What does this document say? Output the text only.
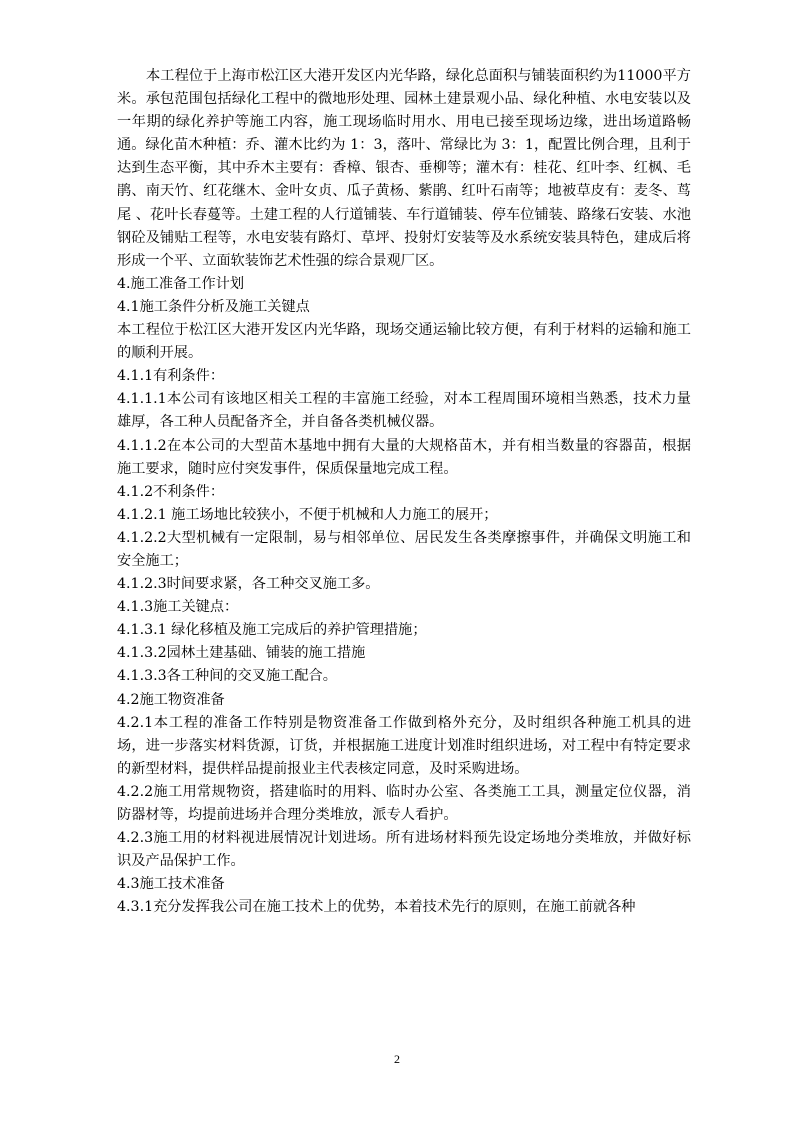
本工程位于上海市松江区大港开发区内光华路，绿化总面积与铺装面积约为11000平方米。承包范围包括绿化工程中的微地形处理、园林土建景观小品、绿化种植、水电安装以及一年期的绿化养护等施工内容，施工现场临时用水、用电已接至现场边缘，进出场道路畅通。绿化苗木种植：乔、灌木比约为 1：3，落叶、常绿比为 3：1，配置比例合理，且利于达到生态平衡，其中乔木主要有：香樟、银杏、垂柳等；灌木有：桂花、红叶李、红枫、毛鹃、南天竹、红花继木、金叶女贞、瓜子黄杨、紫鹃、红叶石南等；地被草皮有：麦冬、茑尾 、花叶长春蔓等。土建工程的人行道铺装、车行道铺装、停车位铺装、路缘石安装、水池钢砼及铺贴工程等，水电安装有路灯、草坪、投射灯安装等及水系统安装具特色，建成后将形成一个平、立面软装饰艺术性强的综合景观厂区。

4.施工准备工作计划

4.1施工条件分析及施工关键点

本工程位于松江区大港开发区内光华路，现场交通运输比较方便，有利于材料的运输和施工的顺利开展。

4.1.1有利条件：

4.1.1.1本公司有该地区相关工程的丰富施工经验，对本工程周围环境相当熟悉，技术力量雄厚，各工种人员配备齐全，并自备各类机械仪器。

4.1.1.2在本公司的大型苗木基地中拥有大量的大规格苗木，并有相当数量的容器苗，根据施工要求，随时应付突发事件，保质保量地完成工程。

4.1.2不利条件：

4.1.2.1 施工场地比较狭小，不便于机械和人力施工的展开；

4.1.2.2大型机械有一定限制，易与相邻单位、居民发生各类摩擦事件，并确保文明施工和安全施工；

4.1.2.3时间要求紧，各工种交叉施工多。

4.1.3施工关键点：

4.1.3.1 绿化移植及施工完成后的养护管理措施；

4.1.3.2园林土建基础、铺装的施工措施

4.1.3.3各工种间的交叉施工配合。

4.2施工物资准备

4.2.1本工程的准备工作特别是物资准备工作做到格外充分，及时组织各种施工机具的进场，进一步落实材料货源，订货，并根据施工进度计划准时组织进场，对工程中有特定要求的新型材料，提供样品提前报业主代表核定同意，及时采购进场。

4.2.2施工用常规物资，搭建临时的用料、临时办公室、各类施工工具，测量定位仪器，消防器材等，均提前进场并合理分类堆放，派专人看护。

4.2.3施工用的材料视进展情况计划进场。所有进场材料预先设定场地分类堆放，并做好标识及产品保护工作。

4.3施工技术准备

4.3.1充分发挥我公司在施工技术上的优势，本着技术先行的原则，在施工前就各种

2
